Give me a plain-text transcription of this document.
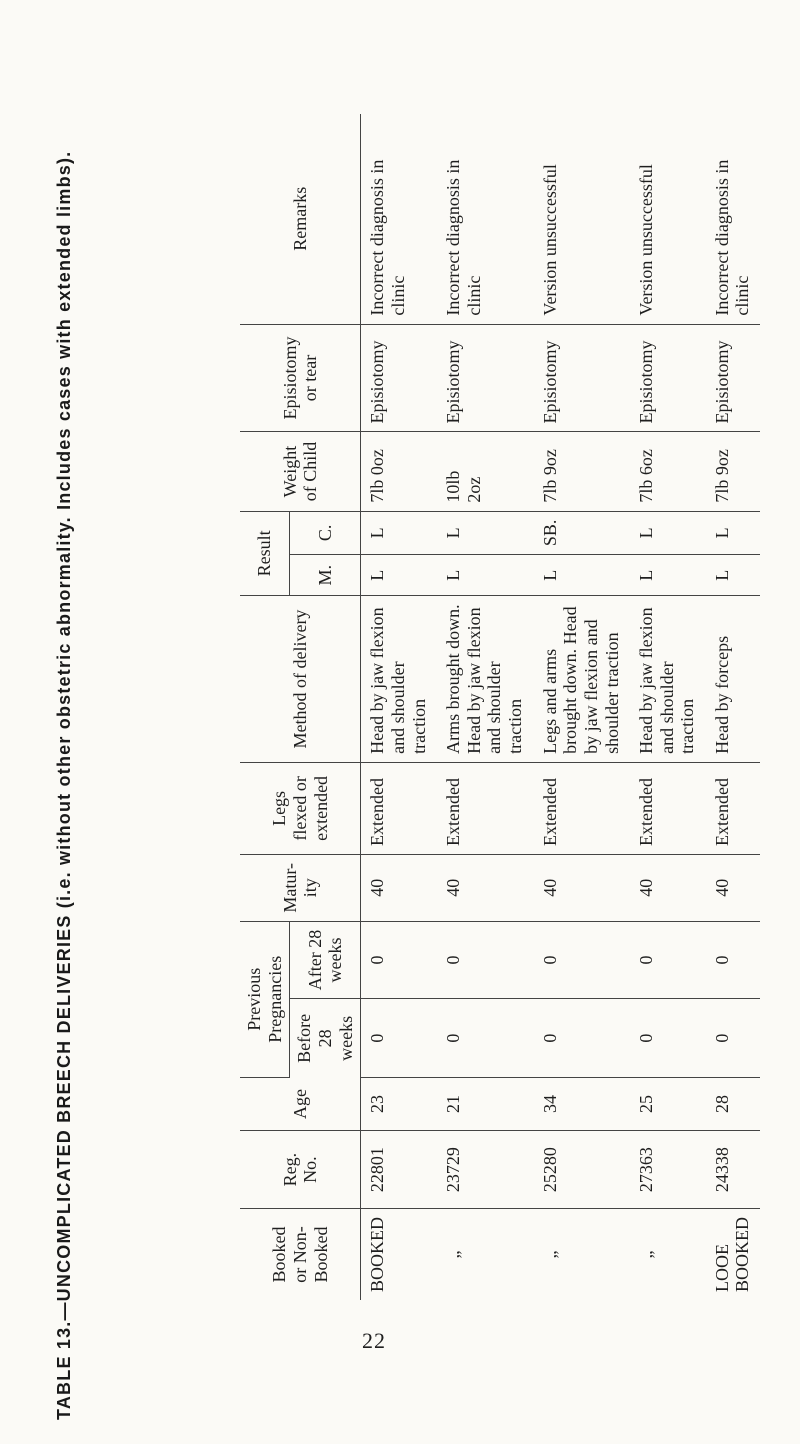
TABLE 13.—UNCOMPLICATED BREECH DELIVERIES (i.e. without other obstetric abnormality. Includes cases with extended limbs).	Booked or Non-Booked	Reg. No.	Age	Previous Pregnancies		Matur- ity	Legs flexed or extended	Method of delivery	Result		Weight of Child	Episiotomy or tear	Remarks
			Before 28 weeks	After 28 weeks				M.	C.			
BOOKED	22801	23	0	0	40	Extended	Head by jaw flexion and shoulder traction	L	L	7lb 0oz	Episiotomy	Incorrect diagnosis in clinic
„	23729	21	0	0	40	Extended	Arms brought down. Head by jaw flexion and shoulder traction	L	L	10lb 2oz	Episiotomy	Incorrect diagnosis in clinic
„	25280	34	0	0	40	Extended	Legs and arms brought down. Head by jaw flexion and shoulder traction	L	SB.	7lb 9oz	Episiotomy	Version unsuccessful
„	27363	25	0	0	40	Extended	Head by jaw flexion and shoulder traction	L	L	7lb 6oz	Episiotomy	Version unsuccessful
LOOE BOOKED	24338	28	0	0	40	Extended	Head by forceps	L	L	7lb 9oz	Episiotomy	Incorrect diagnosis in clinic
22
